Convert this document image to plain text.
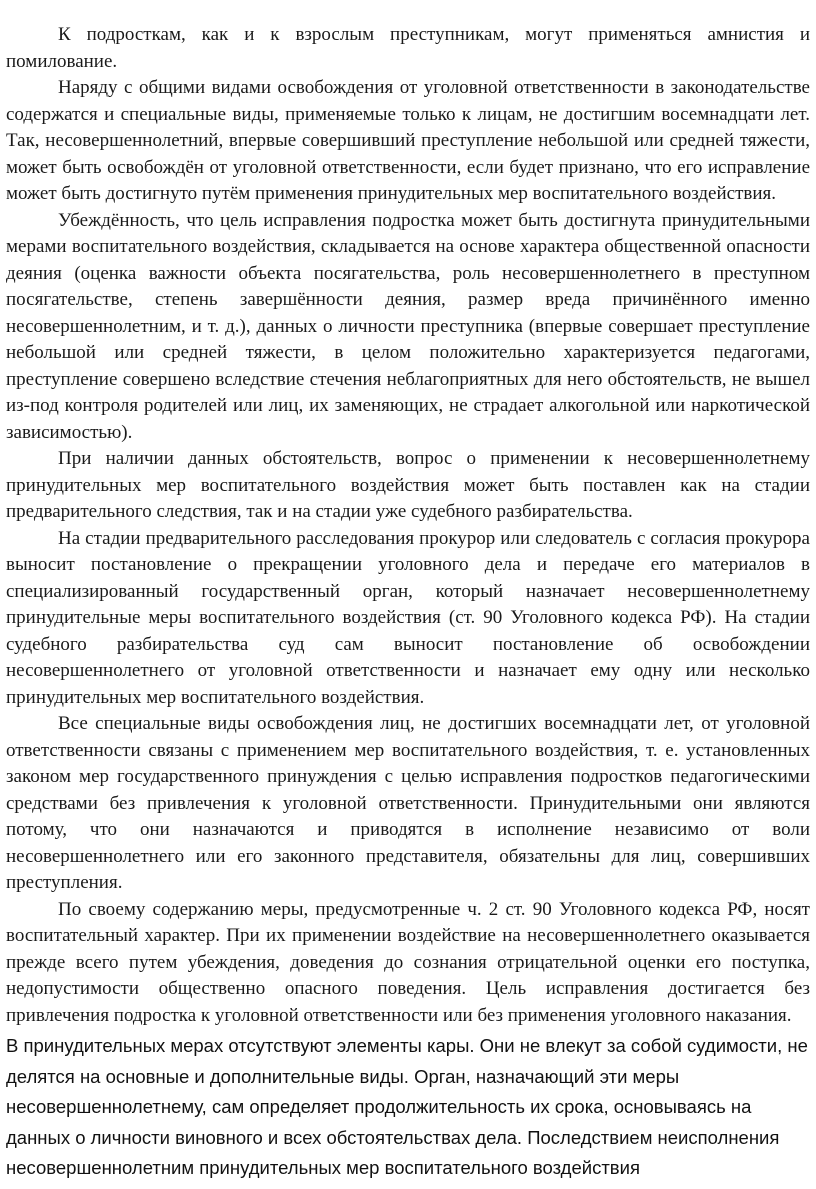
К подросткам, как и к взрослым преступникам, могут применяться амнистия и помилование.

Наряду с общими видами освобождения от уголовной ответственности в законодательстве содержатся и специальные виды, применяемые только к лицам, не достигшим восемнадцати лет. Так, несовершеннолетний, впервые совершивший преступление небольшой или средней тяжести, может быть освобождён от уголовной ответственности, если будет признано, что его исправление может быть достигнуто путём применения принудительных мер воспитательного воздействия.

Убеждённость, что цель исправления подростка может быть достигнута принудительными мерами воспитательного воздействия, складывается на основе характера общественной опасности деяния (оценка важности объекта посягательства, роль несовершеннолетнего в преступном посягательстве, степень завершённости деяния, размер вреда причинённого именно несовершеннолетним, и т. д.), данных о личности преступника (впервые совершает преступление небольшой или средней тяжести, в целом положительно характеризуется педагогами, преступление совершено вследствие стечения неблагоприятных для него обстоятельств, не вышел из-под контроля родителей или лиц, их заменяющих, не страдает алкогольной или наркотической зависимостью).

При наличии данных обстоятельств, вопрос о применении к несовершеннолетнему принудительных мер воспитательного воздействия может быть поставлен как на стадии предварительного следствия, так и на стадии уже судебного разбирательства.

На стадии предварительного расследования прокурор или следователь с согласия прокурора выносит постановление о прекращении уголовного дела и передаче его материалов в специализированный государственный орган, который назначает несовершеннолетнему принудительные меры воспитательного воздействия (ст. 90 Уголовного кодекса РФ). На стадии судебного разбирательства суд сам выносит постановление об освобождении несовершеннолетнего от уголовной ответственности и назначает ему одну или несколько принудительных мер воспитательного воздействия.

Все специальные виды освобождения лиц, не достигших восемнадцати лет, от уголовной ответственности связаны с применением мер воспитательного воздействия, т. е. установленных законом мер государственного принуждения с целью исправления подростков педагогическими средствами без привлечения к уголовной ответственности. Принудительными они являются потому, что они назначаются и приводятся в исполнение независимо от воли несовершеннолетнего или его законного представителя, обязательны для лиц, совершивших преступления.

По своему содержанию меры, предусмотренные ч. 2 ст. 90 Уголовного кодекса РФ, носят воспитательный характер. При их применении воздействие на несовершеннолетнего оказывается прежде всего путем убеждения, доведения до сознания отрицательной оценки его поступка, недопустимости общественно опасного поведения. Цель исправления достигается без привлечения подростка к уголовной ответственности или без применения уголовного наказания.

В принудительных мерах отсутствуют элементы кары. Они не влекут за собой судимости, не делятся на основные и дополнительные виды. Орган, назначающий эти меры несовершеннолетнему, сам определяет продолжительность их срока, основываясь на данных о личности виновного и всех обстоятельствах дела. Последствием неисполнения несовершеннолетним принудительных мер воспитательного воздействия
